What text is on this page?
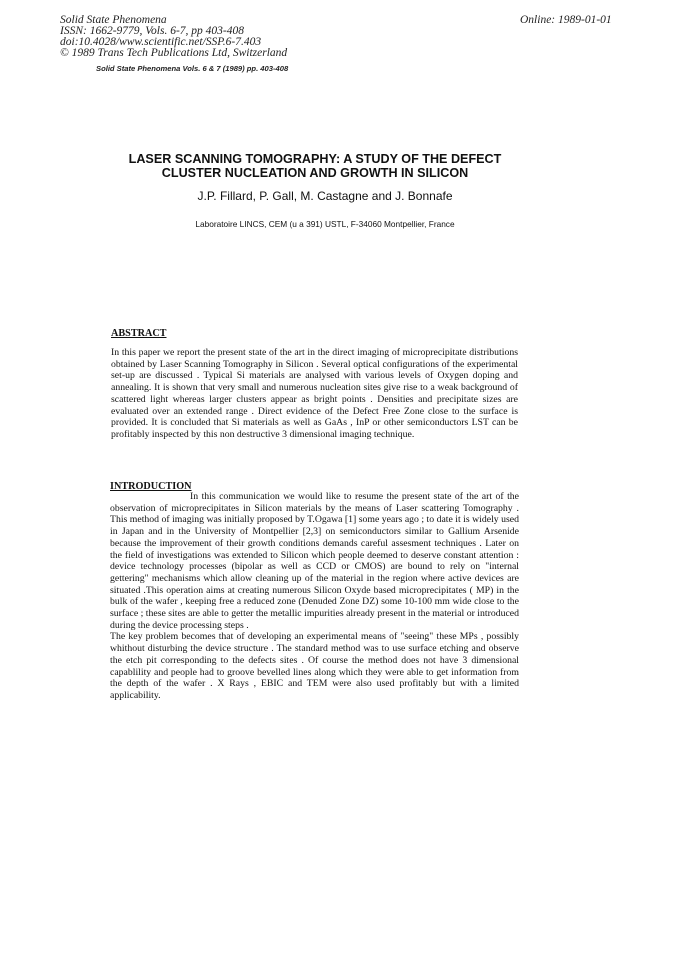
Solid State Phenomena
ISSN: 1662-9779, Vols. 6-7, pp 403-408
doi:10.4028/www.scientific.net/SSP.6-7.403
© 1989 Trans Tech Publications Ltd, Switzerland
Online: 1989-01-01
Solid State Phenomena Vols. 6 & 7 (1989) pp. 403-408
LASER SCANNING TOMOGRAPHY: A STUDY OF THE DEFECT CLUSTER NUCLEATION AND GROWTH IN SILICON
J.P. Fillard, P. Gall, M. Castagne and J. Bonnafe
Laboratoire LINCS, CEM (u a 391) USTL, F-34060 Montpellier, France
ABSTRACT
In this paper we report the present state of the art in the direct imaging of microprecipitate distributions obtained by Laser Scanning Tomography in Silicon . Several optical configurations of the experimental set-up are discussed . Typical Si materials are analysed with various levels of Oxygen doping and annealing. It is shown that very small and numerous nucleation sites give rise to a weak background of scattered light whereas larger clusters appear as bright points . Densities and precipitate sizes are evaluated over an extended range . Direct evidence of the Defect Free Zone close to the surface is provided. It is concluded that Si materials as well as GaAs , InP or other semiconductors LST can be profitably inspected by this non destructive 3 dimensional imaging technique.
INTRODUCTION
In this communication we would like to resume the present state of the art of the observation of microprecipitates in Silicon materials by the means of Laser scattering Tomography . This method of imaging was initially proposed by T.Ogawa [1] some years ago ; to date it is widely used in Japan and in the University of Montpellier [2,3] on semiconductors similar to Gallium Arsenide because the improvement of their growth conditions demands careful assesment techniques . Later on the field of investigations was extended to Silicon which people deemed to deserve constant attention : device technology processes (bipolar as well as CCD or CMOS) are bound to rely on "internal gettering" mechanisms which allow cleaning up of the material in the region where active devices are situated .This operation aims at creating numerous Silicon Oxyde based microprecipitates ( MP) in the bulk of the wafer , keeping free a reduced zone (Denuded Zone DZ) some 10-100 mm wide close to the surface ; these sites are able to getter the metallic impurities already present in the material or introduced during the device processing steps .
The key problem becomes that of developing an experimental means of "seeing" these MPs , possibly whithout disturbing the device structure . The standard method was to use surface etching and observe the etch pit corresponding to the defects sites . Of course the method does not have 3 dimensional capablility and people had to groove bevelled lines along which they were able to get information from the depth of the wafer . X Rays , EBIC and TEM were also used profitably but with a limited applicability.
